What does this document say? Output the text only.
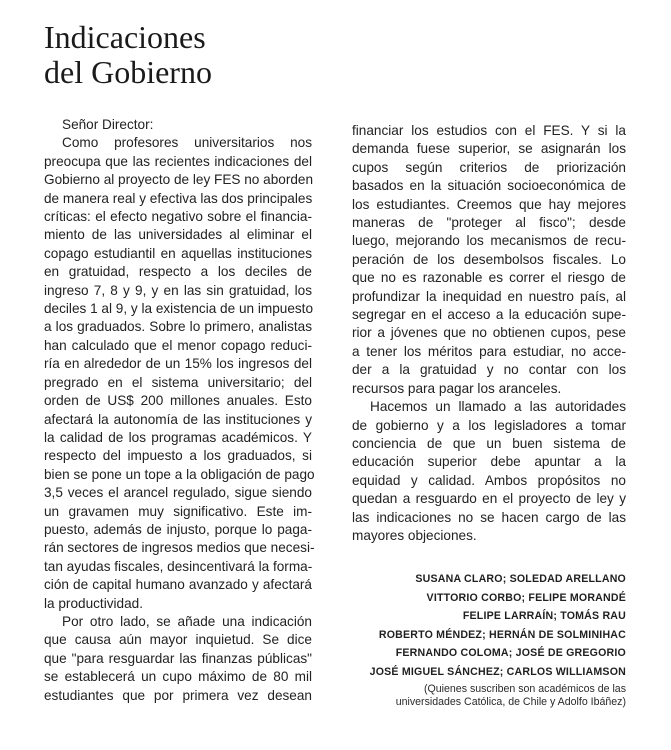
Indicaciones
del Gobierno
Señor Director:
Como profesores universitarios nos
preocupa que las recientes indicaciones del
Gobierno al proyecto de ley FES no aborden
de manera real y efectiva las dos principales
críticas: el efecto negativo sobre el financia-
miento de las universidades al eliminar el
copago estudiantil en aquellas instituciones
en gratuidad, respecto a los deciles de
ingreso 7, 8 y 9, y en las sin gratuidad, los
deciles 1 al 9, y la existencia de un impuesto
a los graduados. Sobre lo primero, analistas
han calculado que el menor copago reduci-
ría en alrededor de un 15% los ingresos del
pregrado en el sistema universitario; del
orden de US$ 200 millones anuales. Esto
afectará la autonomía de las instituciones y
la calidad de los programas académicos. Y
respecto del impuesto a los graduados, si
bien se pone un tope a la obligación de pago
3,5 veces el arancel regulado, sigue siendo
un gravamen muy significativo. Este im-
puesto, además de injusto, porque lo paga-
rán sectores de ingresos medios que necesi-
tan ayudas fiscales, desincentivará la forma-
ción de capital humano avanzado y afectará
la productividad.
Por otro lado, se añade una indicación
que causa aún mayor inquietud. Se dice
que "para resguardar las finanzas públicas"
se establecerá un cupo máximo de 80 mil
estudiantes que por primera vez desean
financiar los estudios con el FES. Y si la
demanda fuese superior, se asignarán los
cupos según criterios de priorización
basados en la situación socioeconómica de
los estudiantes. Creemos que hay mejores
maneras de "proteger al fisco"; desde
luego, mejorando los mecanismos de recu-
peración de los desembolsos fiscales. Lo
que no es razonable es correr el riesgo de
profundizar la inequidad en nuestro país, al
segregar en el acceso a la educación supe-
rior a jóvenes que no obtienen cupos, pese
a tener los méritos para estudiar, no acce-
der a la gratuidad y no contar con los
recursos para pagar los aranceles.
Hacemos un llamado a las autoridades
de gobierno y a los legisladores a tomar
conciencia de que un buen sistema de
educación superior debe apuntar a la
equidad y calidad. Ambos propósitos no
quedan a resguardo en el proyecto de ley y
las indicaciones no se hacen cargo de las
mayores objeciones.
SUSANA CLARO; SOLEDAD ARELLANO
VITTORIO CORBO; FELIPE MORANDÉ
FELIPE LARRAÍN; TOMÁS RAU
ROBERTO MÉNDEZ; HERNÁN DE SOLMINIHAC
FERNANDO COLOMA; JOSÉ DE GREGORIO
JOSÉ MIGUEL SÁNCHEZ; CARLOS WILLIAMSON
(Quienes suscriben son académicos de las
universidades Católica, de Chile y Adolfo Ibáñez)
